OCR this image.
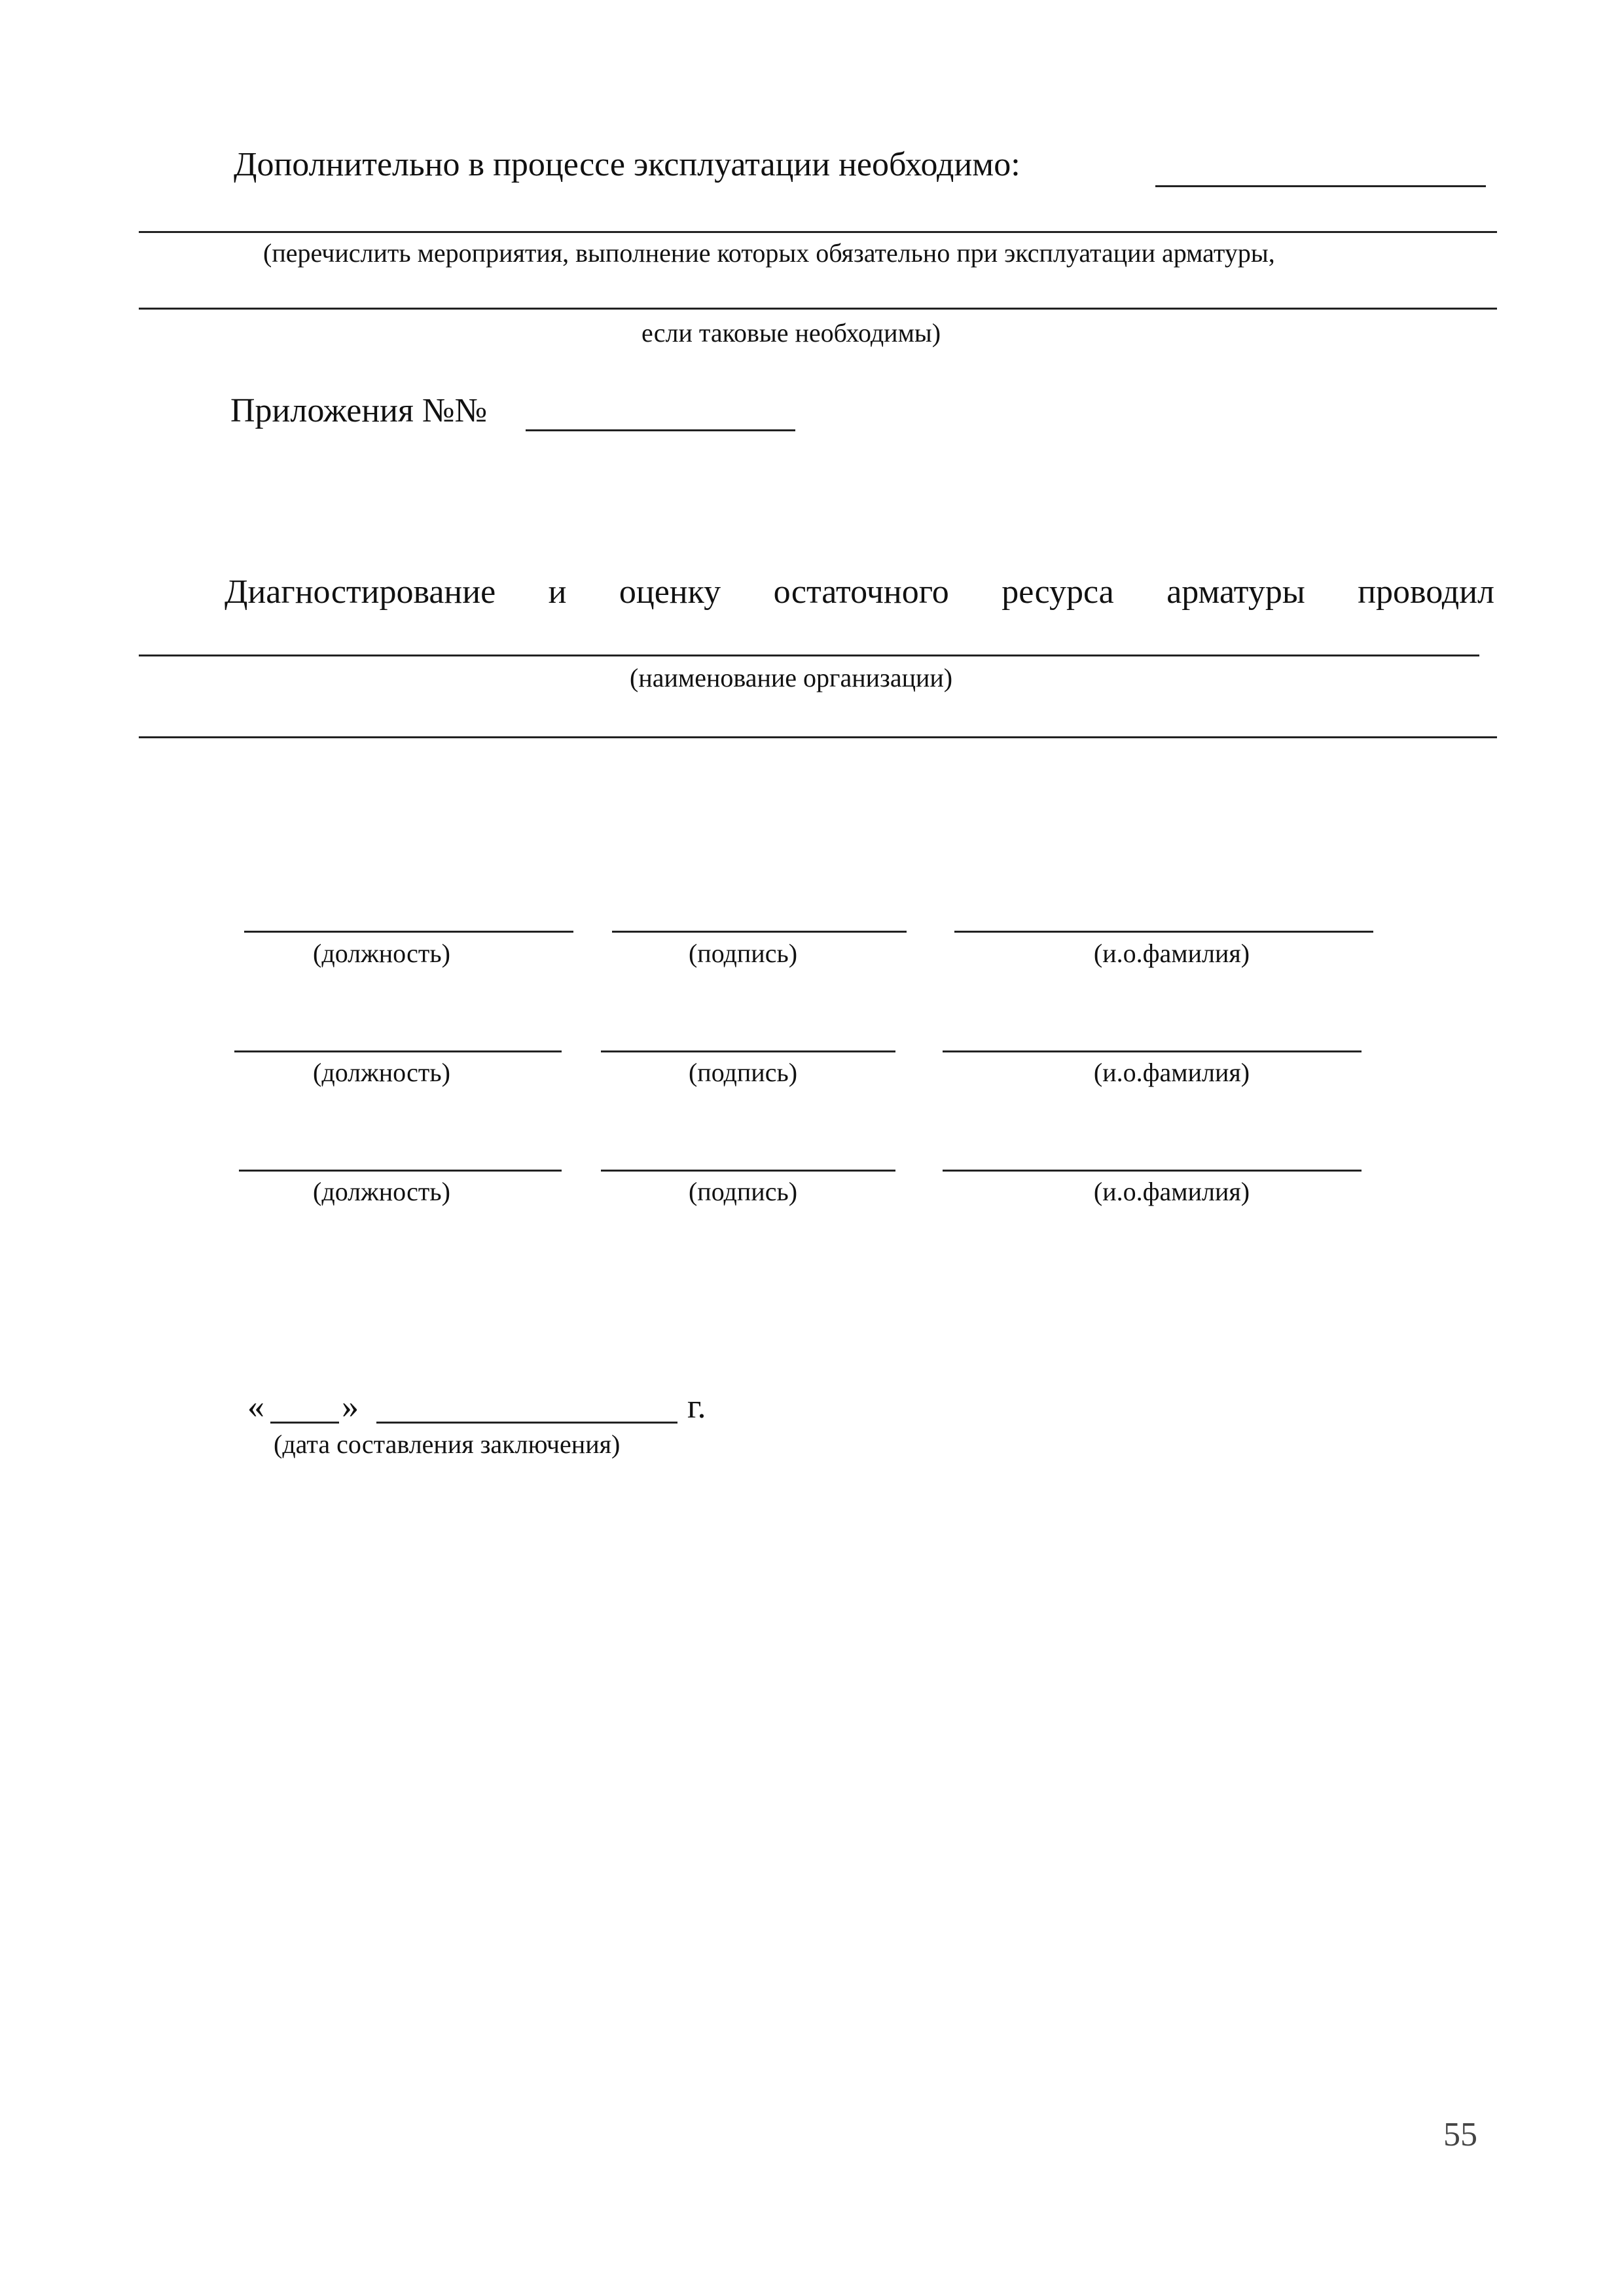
Дополнительно в процессе эксплуатации необходимо:
(перечислить мероприятия, выполнение которых обязательно при эксплуатации арматуры,
если таковые необходимы)
Приложения №№
Диагностирование и оценку остаточного ресурса арматуры проводил
(наименование организации)
(должность)	(подпись)	(и.о.фамилия)
(должность)	(подпись)	(и.о.фамилия)
(должность)	(подпись)	(и.о.фамилия)
« »	г.
(дата составления заключения)
55
